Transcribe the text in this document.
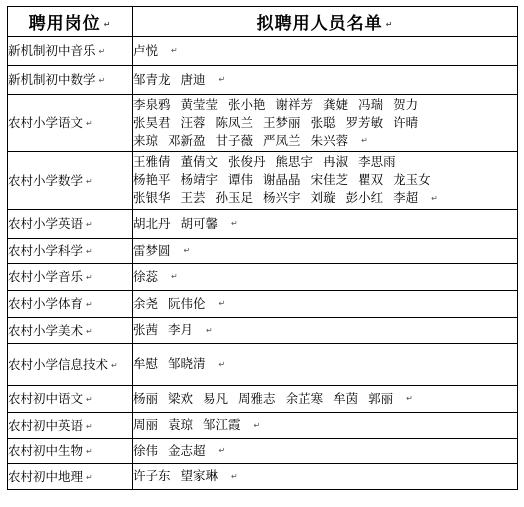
聘用岗位 ↵	拟聘用人员名单 ↵
新机制初中音乐 ↵	卢悦 ↵

新机制初中数学 ↵	邹青龙 唐迪 ↵

农村小学语文 ↵	李泉鸦 黄莹莹 张小艳 谢祥芳 龚婕 冯瑞 贺力
张昊君 汪蓉 陈凤兰 王梦丽 张聪 罗芳敏 许晴
来琼 邓新盈 甘子薇 严凤兰 朱兴蓉 ↵

农村小学数学 ↵	王雅倩 董倩文 张俊丹 熊思宇 冉淑 李思雨
杨艳平 杨靖宇 谭伟 谢晶晶 宋佳芝 瞿双 龙玉女
张银华 王芸 孙玉足 杨兴宇 刘璇 彭小红 李超 ↵

农村小学英语 ↵	胡北丹 胡可馨 ↵

农村小学科学 ↵	雷梦圆 ↵

农村小学音乐 ↵	徐蕊 ↵

农村小学体育 ↵	余尧 阮伟伦 ↵

农村小学美术 ↵	张茜 李月 ↵

农村小学信息技术 ↵	牟慰 邹晓清 ↵

农村初中语文 ↵	杨丽 梁欢 易凡 周雅志 余芷寒 牟茵 郭丽 ↵

农村初中英语 ↵	周丽 袁琼 邹江霞 ↵

农村初中生物 ↵	徐伟 金志超 ↵

农村初中地理 ↵	许子东 望家琳 ↵
